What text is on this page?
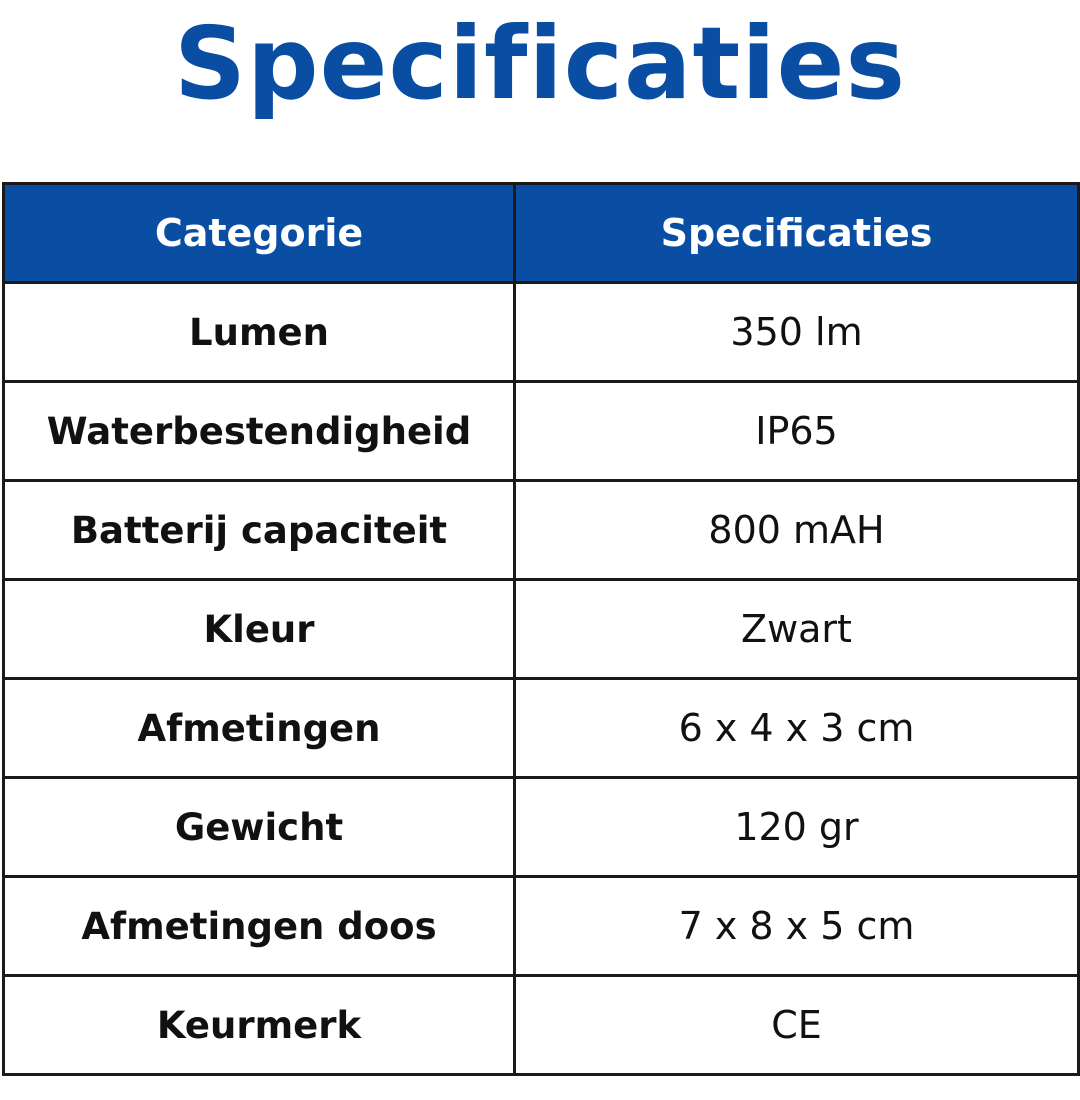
Specificaties
Categorie	Specificaties
Lumen	350 lm
Waterbestendigheid	IP65
Batterij capaciteit	800 mAH
Kleur	Zwart
Afmetingen	6 x 4 x 3 cm
Gewicht	120 gr
Afmetingen doos	7 x 8 x 5 cm
Keurmerk	CE
